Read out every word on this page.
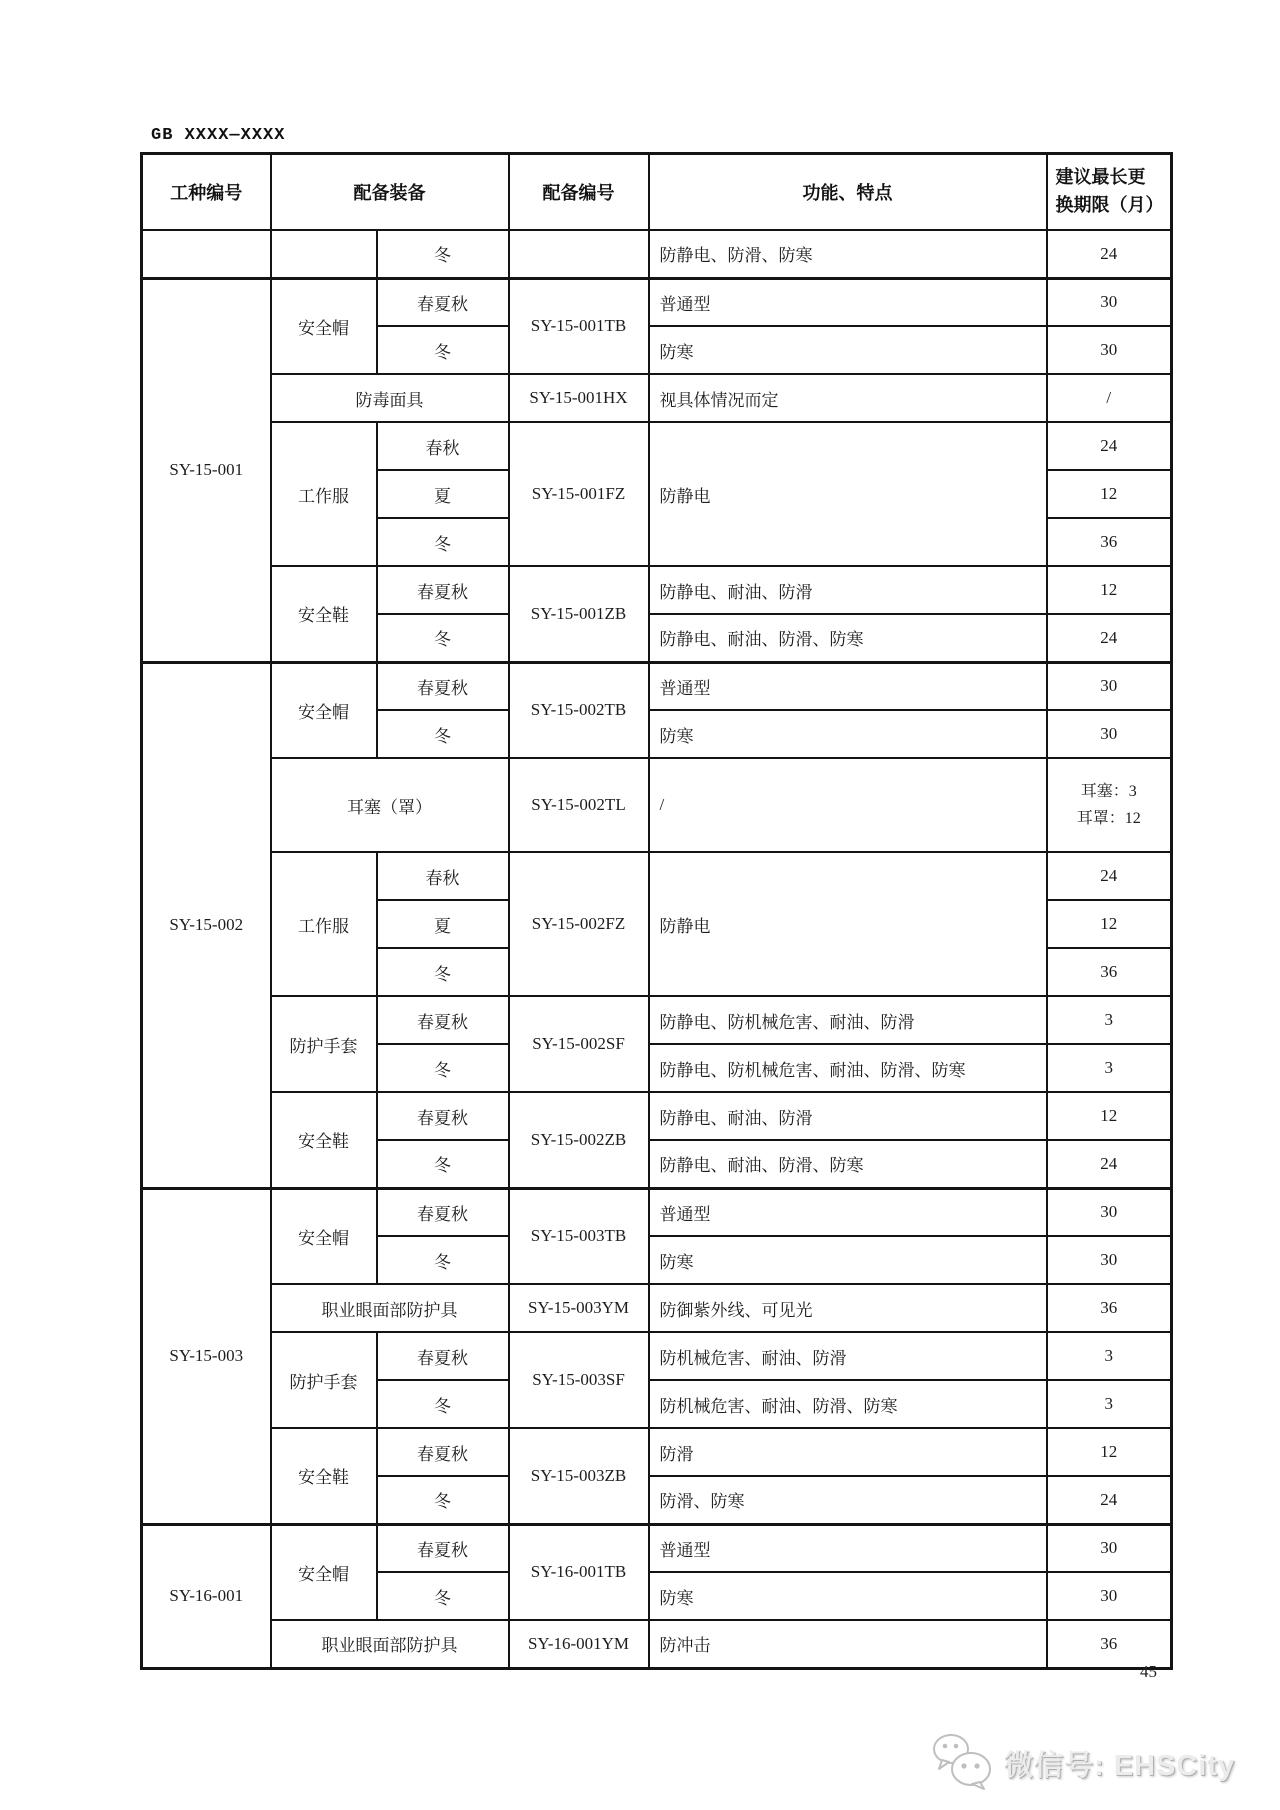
GB XXXX—XXXX
工种编号	配备装备		配备编号	功能、特点	建议最长更
换期限（月）

		冬		防静电、防滑、防寒	24
SY-15-001	安全帽	春夏秋	SY-15-001TB	普通型	30
		冬		防寒	30
	防毒面具		SY-15-001HX	视具体情况而定	/
	工作服	春秋	SY-15-001FZ	防静电	24
		夏			12
		冬			36
	安全鞋	春夏秋	SY-15-001ZB	防静电、耐油、防滑	12
		冬		防静电、耐油、防滑、防寒	24
SY-15-002	安全帽	春夏秋	SY-15-002TB	普通型	30
		冬		防寒	30
	耳塞（罩）		SY-15-002TL	/	耳塞：3
耳罩：12

	工作服	春秋	SY-15-002FZ	防静电	24
		夏			12
		冬			36
	防护手套	春夏秋	SY-15-002SF	防静电、防机械危害、耐油、防滑	3
		冬		防静电、防机械危害、耐油、防滑、防寒	3
	安全鞋	春夏秋	SY-15-002ZB	防静电、耐油、防滑	12
		冬		防静电、耐油、防滑、防寒	24
SY-15-003	安全帽	春夏秋	SY-15-003TB	普通型	30
		冬		防寒	30
	职业眼面部防护具		SY-15-003YM	防御紫外线、可见光	36
	防护手套	春夏秋	SY-15-003SF	防机械危害、耐油、防滑	3
		冬		防机械危害、耐油、防滑、防寒	3
	安全鞋	春夏秋	SY-15-003ZB	防滑	12
		冬		防滑、防寒	24
SY-16-001	安全帽	春夏秋	SY-16-001TB	普通型	30
		冬		防寒	30
	职业眼面部防护具		SY-16-001YM	防冲击	36
45
微信号: EHSCity
